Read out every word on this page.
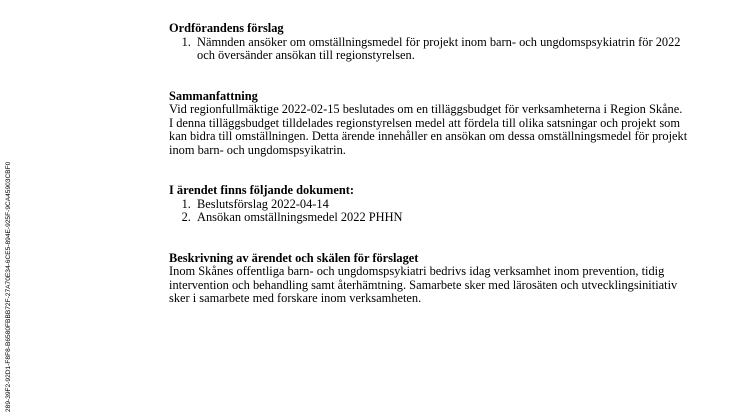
289-39F2-92D1-F8F8-B6580FBBB72F-27A70E34-6CE5-894E-925F-9CA45903CBF0
Ordförandens förslag
1. Nämnden ansöker om omställningsmedel för projekt inom barn- och ungdomspsykiatrin för 2022 och översänder ansökan till regionstyrelsen.
Sammanfattning

Vid regionfullmäktige 2022-02-15 beslutades om en tilläggsbudget för verksamheterna i Region Skåne. I denna tilläggsbudget tilldelades regionstyrelsen medel att fördela till olika satsningar och projekt som kan bidra till omställningen. Detta ärende innehåller en ansökan om dessa omställningsmedel för projekt inom barn- och ungdomspsyikatrin.

I ärendet finns följande dokument:
1. Beslutsförslag 2022-04-14
2. Ansökan omställningsmedel 2022 PHHN
Beskrivning av ärendet och skälen för förslaget

Inom Skånes offentliga barn- och ungdomspsykiatri bedrivs idag verksamhet inom prevention, tidig intervention och behandling samt återhämtning. Samarbete sker med lärosäten och utvecklingsinitiativ sker i samarbete med forskare inom verksamheten.
